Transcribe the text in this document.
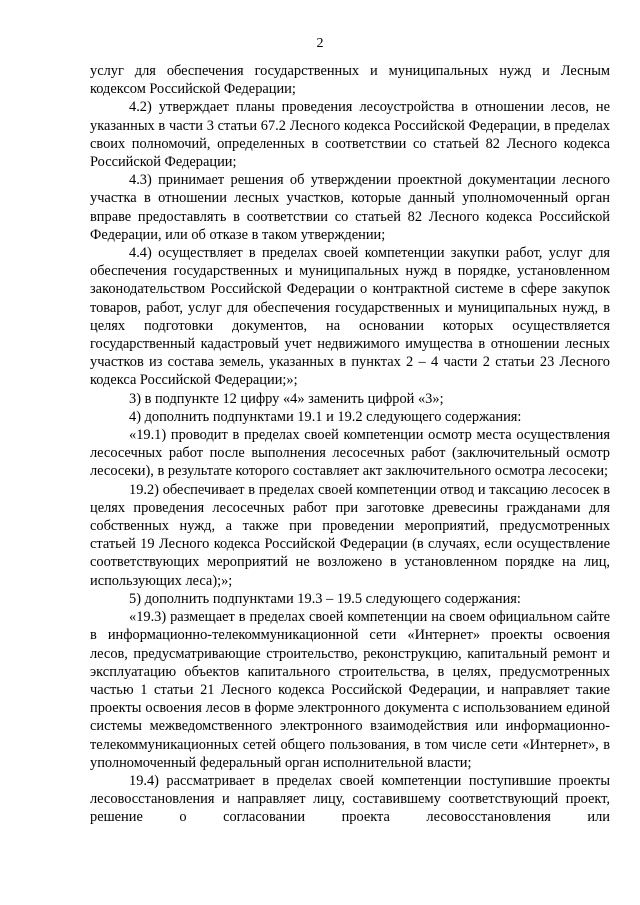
2

услуг для обеспечения государственных и муниципальных нужд и Лесным кодексом Российской Федерации;

4.2) утверждает планы проведения лесоустройства в отношении лесов, не указанных в части 3 статьи 67.2 Лесного кодекса Российской Федерации, в пределах своих полномочий, определенных в соответствии со статьей 82 Лесного кодекса Российской Федерации;

4.3) принимает решения об утверждении проектной документации лесного участка в отношении лесных участков, которые данный уполномоченный орган вправе предоставлять в соответствии со статьей 82 Лесного кодекса Российской Федерации, или об отказе в таком утверждении;

4.4) осуществляет в пределах своей компетенции закупки работ, услуг для обеспечения государственных и муниципальных нужд в порядке, установленном законодательством Российской Федерации о контрактной системе в сфере закупок товаров, работ, услуг для обеспечения государственных и муниципальных нужд, в целях подготовки документов, на основании которых осуществляется государственный кадастровый учет недвижимого имущества в отношении лесных участков из состава земель, указанных в пунктах 2 – 4 части 2 статьи 23 Лесного кодекса Российской Федерации;»;

3) в подпункте 12 цифру «4» заменить цифрой «3»;

4) дополнить подпунктами 19.1 и 19.2 следующего содержания:

«19.1) проводит в пределах своей компетенции осмотр места осуществления лесосечных работ после выполнения лесосечных работ (заключительный осмотр лесосеки), в результате которого составляет акт заключительного осмотра лесосеки;

19.2) обеспечивает в пределах своей компетенции отвод и таксацию лесосек в целях проведения лесосечных работ при заготовке древесины гражданами для собственных нужд, а также при проведении мероприятий, предусмотренных статьей 19 Лесного кодекса Российской Федерации (в случаях, если осуществление соответствующих мероприятий не возложено в установленном порядке на лиц, использующих леса);»;

5) дополнить подпунктами 19.3 – 19.5 следующего содержания:

«19.3) размещает в пределах своей компетенции на своем официальном сайте в информационно-телекоммуникационной сети «Интернет» проекты освоения лесов, предусматривающие строительство, реконструкцию, капитальный ремонт и эксплуатацию объектов капитального строительства, в целях, предусмотренных частью 1 статьи 21 Лесного кодекса Российской Федерации, и направляет такие проекты освоения лесов в форме электронного документа с использованием единой системы межведомственного электронного взаимодействия или информационно-телекоммуникационных сетей общего пользования, в том числе сети «Интернет», в уполномоченный федеральный орган исполнительной власти;

19.4) рассматривает в пределах своей компетенции поступившие проекты лесовосстановления и направляет лицу, составившему соответствующий проект, решение о согласовании проекта лесовосстановления или
